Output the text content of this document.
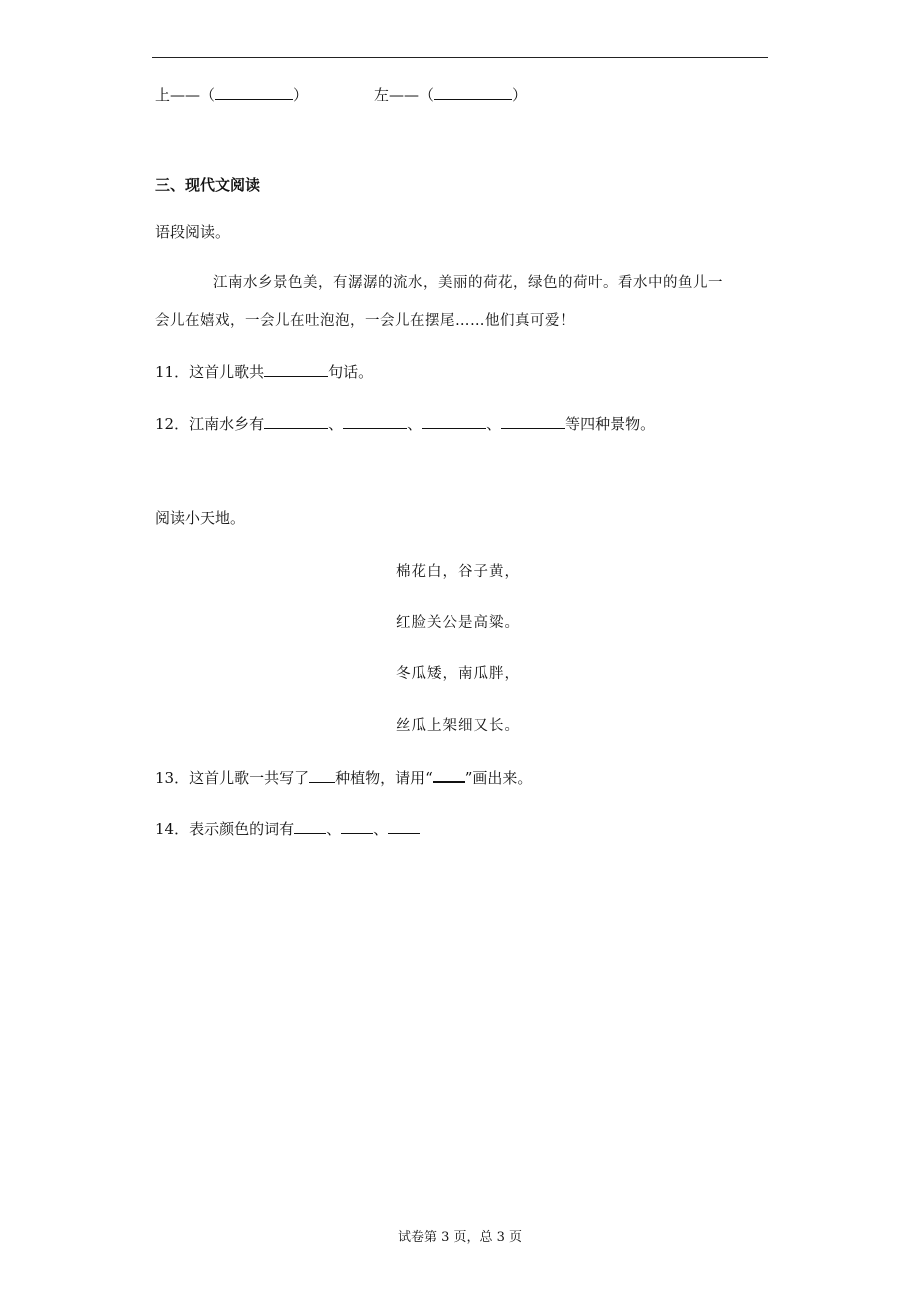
上——（	）	左——（	）
三、现代文阅读
语段阅读。
江南水乡景色美，有潺潺的流水，美丽的荷花，绿色的荷叶。看水中的鱼儿一
会儿在嬉戏，一会儿在吐泡泡，一会儿在摆尾……他们真可爱！
11．这首儿歌共	句话。
12．江南水乡有	、	、	、	等四种景物。
阅读小天地。
棉花白，谷子黄，
红脸关公是高粱。
冬瓜矮，南瓜胖，
丝瓜上架细又长。
13．这首儿歌一共写了 种植物，请用“ ”画出来。
14．表示颜色的词有 、 、
试卷第 3 页，总 3 页
